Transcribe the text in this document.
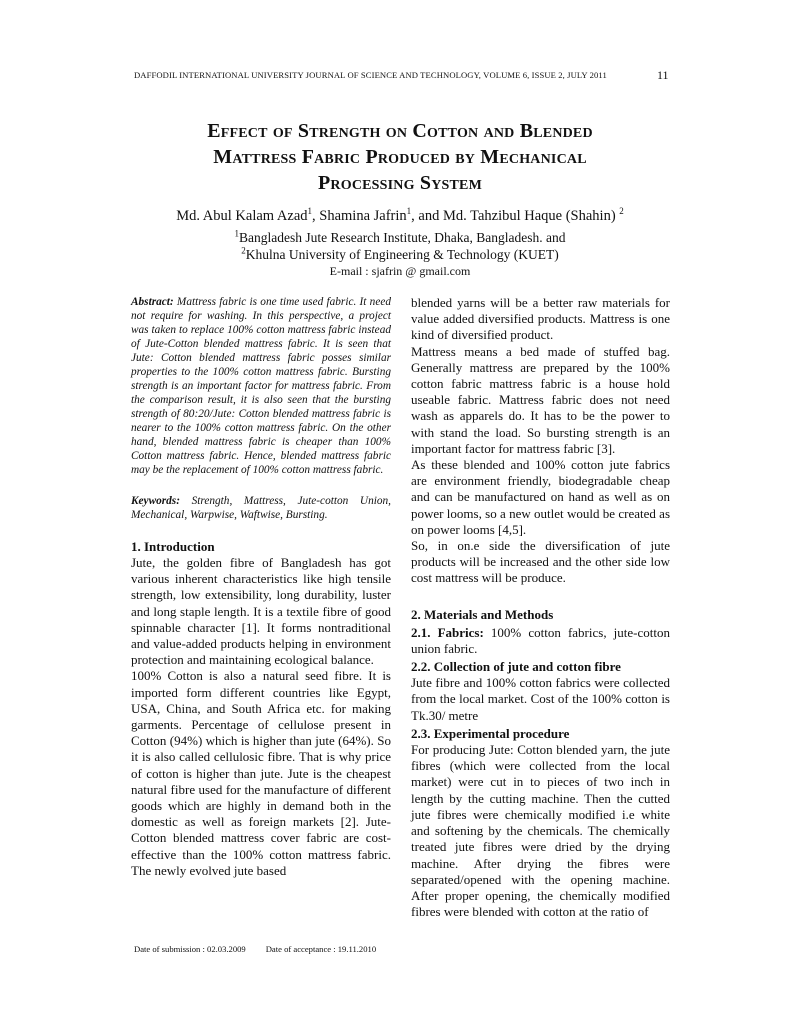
DAFFODIL INTERNATIONAL UNIVERSITY JOURNAL OF SCIENCE AND TECHNOLOGY, VOLUME 6, ISSUE 2, JULY 2011	11
Effect of Strength on Cotton and Blended
Mattress Fabric Produced by Mechanical
Processing System
Md. Abul Kalam Azad$^1$, Shamina Jafrin$^1$, and Md. Tahzibul Haque (Shahin) $^2$
$^1$Bangladesh Jute Research Institute, Dhaka, Bangladesh. and
$^2$Khulna University of Engineering & Technology (KUET)
E-mail : sjafrin @ gmail.com

Abstract: Mattress fabric is one time used fabric. It need not require for washing. In this perspective, a project was taken to replace 100% cotton mattress fabric instead of Jute-Cotton blended mattress fabric. It is seen that Jute: Cotton blended mattress fabric posses similar properties to the 100% cotton mattress fabric. Bursting strength is an important factor for mattress fabric. From the comparison result, it is also seen that the bursting strength of 80:20/Jute: Cotton blended mattress fabric is nearer to the 100% cotton mattress fabric. On the other hand, blended mattress fabric is cheaper than 100% Cotton mattress fabric. Hence, blended mattress fabric may be the replacement of 100% cotton mattress fabric.

Keywords: Strength, Mattress, Jute-cotton Union, Mechanical, Warpwise, Waftwise, Bursting.

1. Introduction

Jute, the golden fibre of Bangladesh has got various inherent characteristics like high tensile strength, low extensibility, long durability, luster and long staple length. It is a textile fibre of good spinnable character [1]. It forms nontraditional and value-added products helping in environment protection and maintaining ecological balance.

100% Cotton is also a natural seed fibre. It is imported form different countries like Egypt, USA, China, and South Africa etc. for making garments. Percentage of cellulose present in Cotton (94%) which is higher than jute (64%). So it is also called cellulosic fibre. That is why price of cotton is higher than jute. Jute is the cheapest natural fibre used for the manufacture of different goods which are highly in demand both in the domestic as well as foreign markets [2]. Jute-Cotton blended mattress cover fabric are cost-effective than the 100% cotton mattress fabric. The newly evolved jute based

blended yarns will be a better raw materials for value added diversified products. Mattress is one kind of diversified product.

Mattress means a bed made of stuffed bag. Generally mattress are prepared by the 100% cotton fabric mattress fabric is a house hold useable fabric. Mattress fabric does not need wash as apparels do. It has to be the power to with stand the load. So bursting strength is an important factor for mattress fabric [3].

As these blended and 100% cotton jute fabrics are environment friendly, biodegradable cheap and can be manufactured on hand as well as on power looms, so a new outlet would be created as on power looms [4,5].

So, in on.e side the diversification of jute products will be increased and the other side low cost mattress will be produce.

2. Materials and Methods

2.1. Fabrics: 100% cotton fabrics, jute-cotton union fabric.

2.2. Collection of jute and cotton fibre

Jute fibre and 100% cotton fabrics were collected from the local market. Cost of the 100% cotton is Tk.30/ metre

2.3. Experimental procedure

For producing Jute: Cotton blended yarn, the jute fibres (which were collected from the local market) were cut in to pieces of two inch in length by the cutting machine. Then the cutted jute fibres were chemically modified i.e white and softening by the chemicals. The chemically treated jute fibres were dried by the drying machine. After drying the fibres were separated/opened with the opening machine. After proper opening, the chemically modified fibres were blended with cotton at the ratio of

Date of submission : 02.03.2009 Date of acceptance : 19.11.2010
